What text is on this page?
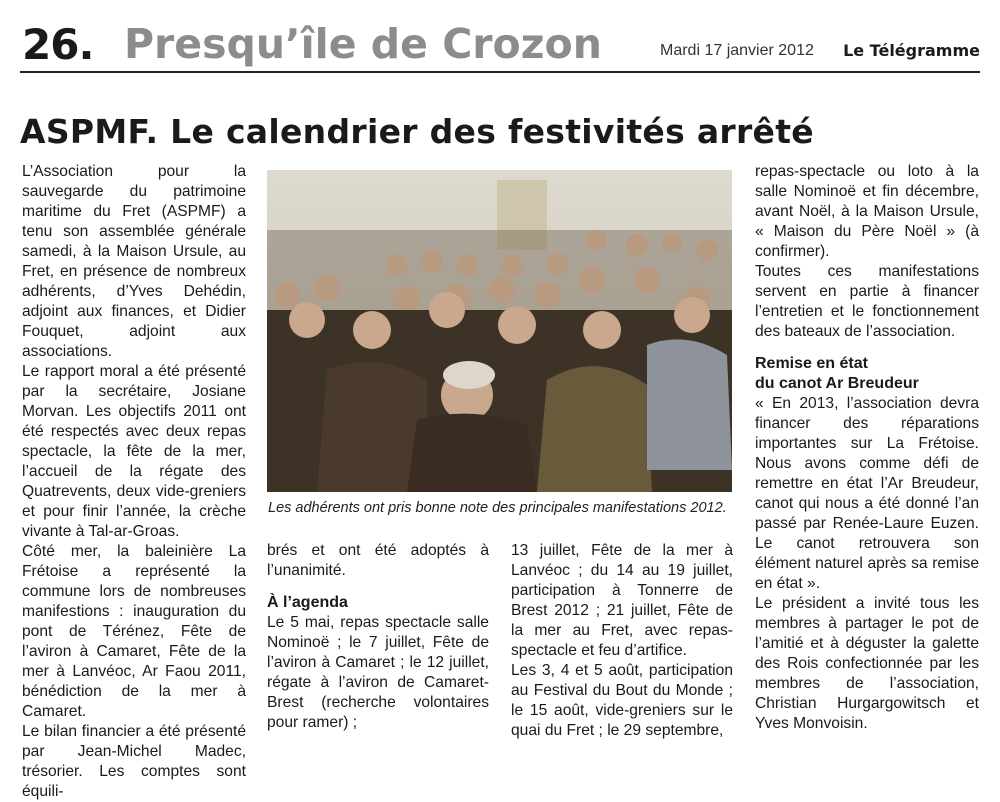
26. Presqu’île de Crozon	Mardi 17 janvier 2012 Le Télégramme
ASPMF. Le calendrier des festivités arrêté

L’Association pour la sauvegarde du patrimoine maritime du Fret (ASPMF) a tenu son assemblée générale samedi, à la Maison Ursule, au Fret, en présence de nombreux adhérents, d’Yves Dehédin, adjoint aux finances, et Didier Fouquet, adjoint aux associations.

Le rapport moral a été présenté par la secrétaire, Josiane Morvan. Les objectifs 2011 ont été respectés avec deux repas spectacle, la fête de la mer, l’accueil de la régate des Quatrevents, deux vide-greniers et pour finir l’année, la crèche vivante à Tal-ar-Groas.

Côté mer, la baleinière La Frétoise a représenté la commune lors de nombreuses manifestions : inauguration du pont de Térénez, Fête de l’aviron à Camaret, Fête de la mer à Lanvéoc, Ar Faou 2011, bénédiction de la mer à Camaret.

Le bilan financier a été présenté par Jean-Michel Madec, trésorier. Les comptes sont équili-

Les adhérents ont pris bonne note des principales manifestations 2012.

brés et ont été adoptés à l’unanimité.

À l’agenda

Le 5 mai, repas spectacle salle Nominoë ; le 7 juillet, Fête de l’aviron à Camaret ; le 12 juillet, régate à l’aviron de Camaret- Brest (recherche volontaires pour ramer) ;

13 juillet, Fête de la mer à Lanvéoc ; du 14 au 19 juillet, participation à Tonnerre de Brest 2012 ; 21 juillet, Fête de la mer au Fret, avec repas-spectacle et feu d’artifice.

Les 3, 4 et 5 août, participation au Festival du Bout du Monde ; le 15 août, vide-greniers sur le quai du Fret ; le 29 septembre,

repas-spectacle ou loto à la salle Nominoë et fin décembre, avant Noël, à la Maison Ursule, « Maison du Père Noël » (à confirmer).

Toutes ces manifestations servent en partie à financer l’entretien et le fonctionnement des bateaux de l’association.

Remise en état

du canot Ar Breudeur

« En 2013, l’association devra financer des réparations importantes sur La Frétoise. Nous avons comme défi de remettre en état l’Ar Breudeur, canot qui nous a été donné l’an passé par Renée-Laure Euzen. Le canot retrouvera son élément naturel après sa remise en état ».

Le président a invité tous les membres à partager le pot de l’amitié et à déguster la galette des Rois confectionnée par les membres de l’association, Christian Hurgargowitsch et Yves Monvoisin.
